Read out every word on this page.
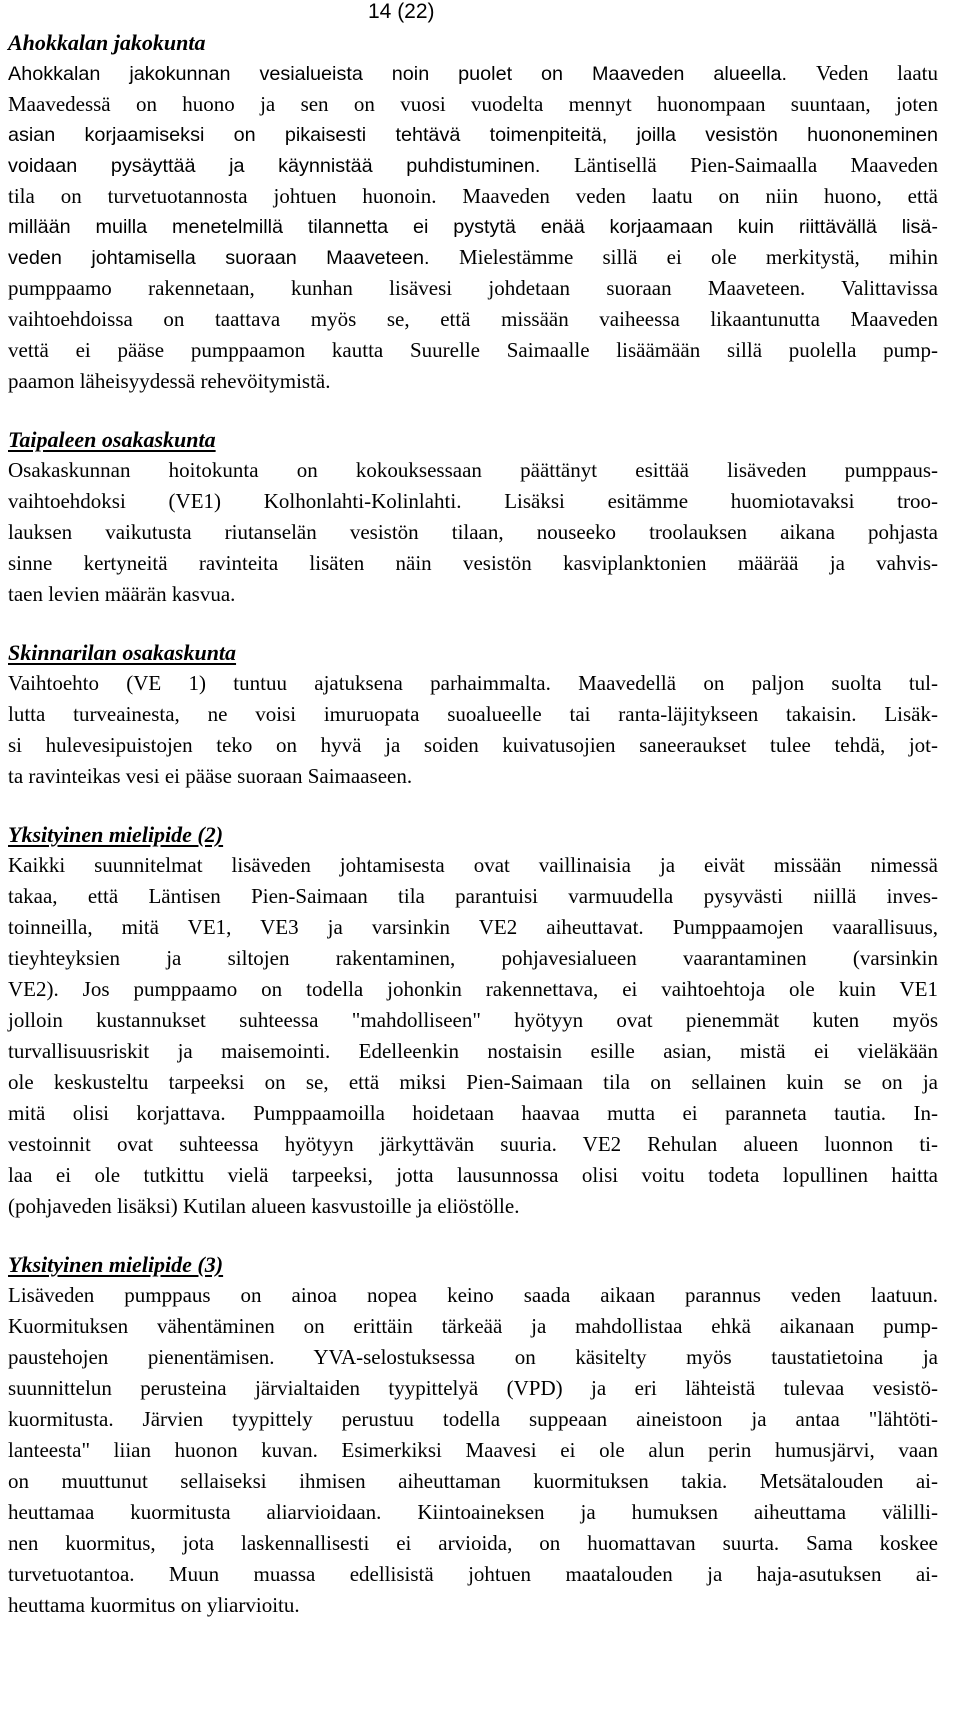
14 (22)
Ahokkalan jakokunta

Ahokkalan jakokunnan vesialueista noin puolet on Maaveden alueella. Veden laatu
Maavedessä on huono ja sen on vuosi vuodelta mennyt huonompaan suuntaan, joten
asian korjaamiseksi on pikaisesti tehtävä toimenpiteitä, joilla vesistön huononeminen
voidaan pysäyttää ja käynnistää puhdistuminen. Läntisellä Pien-Saimaalla Maaveden
tila on turvetuotannosta johtuen huonoin. Maaveden veden laatu on niin huono, että
millään muilla menetelmillä tilannetta ei pystytä enää korjaamaan kuin riittävällä lisä-
veden johtamisella suoraan Maaveteen. Mielestämme sillä ei ole merkitystä, mihin
pumppaamo rakennetaan, kunhan lisävesi johdetaan suoraan Maaveteen. Valittavissa
vaihtoehdoissa on taattava myös se, että missään vaiheessa likaantunutta Maaveden
vettä ei pääse pumppaamon kautta Suurelle Saimaalle lisäämään sillä puolella pump-
paamon läheisyydessä rehevöitymistä.

Taipaleen osakaskunta

Osakaskunnan hoitokunta on kokouksessaan päättänyt esittää lisäveden pumppaus-
vaihtoehdoksi (VE1) Kolhonlahti-Kolinlahti. Lisäksi esitämme huomiotavaksi troo-
lauksen vaikutusta riutanselän vesistön tilaan, nouseeko troolauksen aikana pohjasta
sinne kertyneitä ravinteita lisäten näin vesistön kasviplanktonien määrää ja vahvis-
taen levien määrän kasvua.

Skinnarilan osakaskunta

Vaihtoehto (VE 1) tuntuu ajatuksena parhaimmalta. Maavedellä on paljon suolta tul-
lutta turveainesta, ne voisi imuruopata suoalueelle tai ranta-läjitykseen takaisin. Lisäk-
si hulevesipuistojen teko on hyvä ja soiden kuivatusojien saneeraukset tulee tehdä, jot-
ta ravinteikas vesi ei pääse suoraan Saimaaseen.

Yksityinen mielipide (2)

Kaikki suunnitelmat lisäveden johtamisesta ovat vaillinaisia ja eivät missään nimessä
takaa, että Läntisen Pien-Saimaan tila parantuisi varmuudella pysyvästi niillä inves-
toinneilla, mitä VE1, VE3 ja varsinkin VE2 aiheuttavat. Pumppaamojen vaarallisuus,
tieyhteyksien ja siltojen rakentaminen, pohjavesialueen vaarantaminen (varsinkin
VE2). Jos pumppaamo on todella johonkin rakennettava, ei vaihtoehtoja ole kuin VE1
jolloin kustannukset suhteessa "mahdolliseen" hyötyyn ovat pienemmät kuten myös
turvallisuusriskit ja maisemointi. Edelleenkin nostaisin esille asian, mistä ei vieläkään
ole keskusteltu tarpeeksi on se, että miksi Pien-Saimaan tila on sellainen kuin se on ja
mitä olisi korjattava. Pumppaamoilla hoidetaan haavaa mutta ei paranneta tautia. In-
vestoinnit ovat suhteessa hyötyyn järkyttävän suuria. VE2 Rehulan alueen luonnon ti-
laa ei ole tutkittu vielä tarpeeksi, jotta lausunnossa olisi voitu todeta lopullinen haitta
(pohjaveden lisäksi) Kutilan alueen kasvustoille ja eliöstölle.

Yksityinen mielipide (3)

Lisäveden pumppaus on ainoa nopea keino saada aikaan parannus veden laatuun.
Kuormituksen vähentäminen on erittäin tärkeää ja mahdollistaa ehkä aikanaan pump-
paustehojen pienentämisen. YVA-selostuksessa on käsitelty myös taustatietoina ja
suunnittelun perusteina järvialtaiden tyypittelyä (VPD) ja eri lähteistä tulevaa vesistö-
kuormitusta. Järvien tyypittely perustuu todella suppeaan aineistoon ja antaa "lähtöti-
lanteesta" liian huonon kuvan. Esimerkiksi Maavesi ei ole alun perin humusjärvi, vaan
on muuttunut sellaiseksi ihmisen aiheuttaman kuormituksen takia. Metsätalouden ai-
heuttamaa kuormitusta aliarvioidaan. Kiintoaineksen ja humuksen aiheuttama välilli-
nen kuormitus, jota laskennallisesti ei arvioida, on huomattavan suurta. Sama koskee
turvetuotantoa. Muun muassa edellisistä johtuen maatalouden ja haja-asutuksen ai-
heuttama kuormitus on yliarvioitu.
